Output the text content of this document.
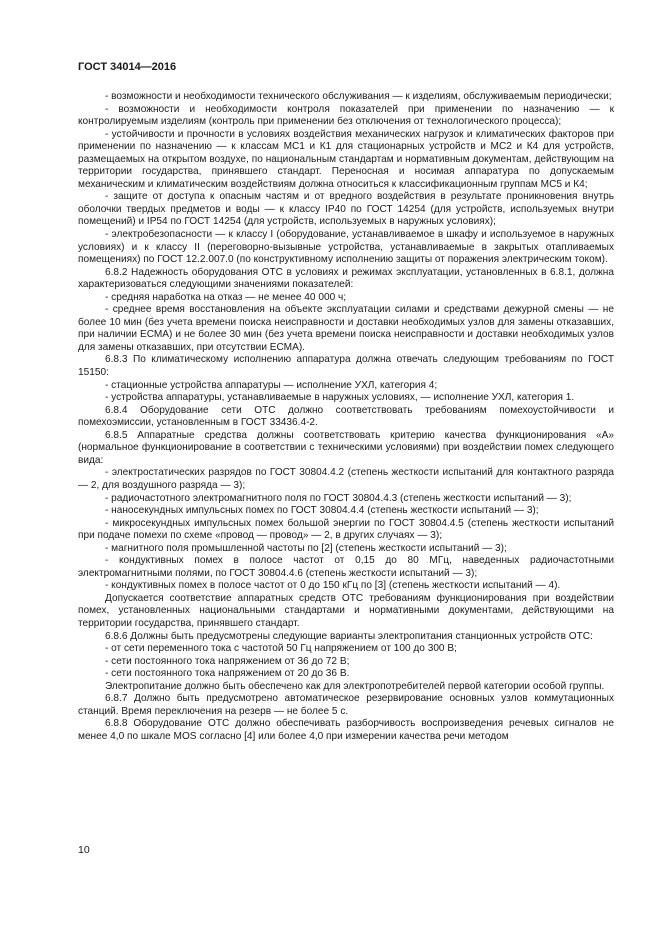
ГОСТ 34014—2016

- возможности и необходимости технического обслуживания — к изделиям, обслуживаемым периодически;

- возможности и необходимости контроля показателей при применении по назначению — к контролируемым изделиям (контроль при применении без отключения от технологического процесса);

- устойчивости и прочности в условиях воздействия механических нагрузок и климатических факторов при применении по назначению — к классам МС1 и К1 для стационарных устройств и МС2 и К4 для устройств, размещаемых на открытом воздухе, по национальным стандартам и нормативным документам, действующим на территории государства, принявшего стандарт. Переносная и носимая аппаратура по допускаемым механическим и климатическим воздействиям должна относиться к классификационным группам МС5 и К4;

- защите от доступа к опасным частям и от вредного воздействия в результате проникновения внутрь оболочки твердых предметов и воды — к классу IP40 по ГОСТ 14254 (для устройств, используемых внутри помещений) и IP54 по ГОСТ 14254 (для устройств, используемых в наружных условиях);

- электробезопасности — к классу I (оборудование, устанавливаемое в шкафу и используемое в наружных условиях) и к классу II (переговорно-вызывные устройства, устанавливаемые в закрытых отапливаемых помещениях) по ГОСТ 12.2.007.0 (по конструктивному исполнению защиты от поражения электрическим током).

6.8.2 Надежность оборудования ОТС в условиях и режимах эксплуатации, установленных в 6.8.1, должна характеризоваться следующими значениями показателей:

- средняя наработка на отказ — не менее 40 000 ч;

- среднее время восстановления на объекте эксплуатации силами и средствами дежурной смены — не более 10 мин (без учета времени поиска неисправности и доставки необходимых узлов для замены отказавших, при наличии ЕСМА) и не более 30 мин (без учета времени поиска неисправности и доставки необходимых узлов для замены отказавших, при отсутствии ЕСМА).

6.8.3 По климатическому исполнению аппаратура должна отвечать следующим требованиям по ГОСТ 15150:

- стационные устройства аппаратуры — исполнение УХЛ, категория 4;

- устройства аппаратуры, устанавливаемые в наружных условиях, — исполнение УХЛ, категория 1.

6.8.4 Оборудование сети ОТС должно соответствовать требованиям помехоустойчивости и помехоэмиссии, установленным в ГОСТ 33436.4-2.

6.8.5 Аппаратные средства должны соответствовать критерию качества функционирования «А» (нормальное функционирование в соответствии с техническими условиями) при воздействии помех следующего вида:

- электростатических разрядов по ГОСТ 30804.4.2 (степень жесткости испытаний для контактного разряда — 2, для воздушного разряда — 3);

- радиочастотного электромагнитного поля по ГОСТ 30804.4.3 (степень жесткости испытаний — 3);

- наносекундных импульсных помех по ГОСТ 30804.4.4 (степень жесткости испытаний — 3);

- микросекундных импульсных помех большой энергии по ГОСТ 30804.4.5 (степень жесткости испытаний при подаче помехи по схеме «провод — провод» — 2, в других случаях — 3);

- магнитного поля промышленной частоты по [2] (степень жесткости испытаний — 3);

- кондуктивных помех в полосе частот от 0,15 до 80 МГц, наведенных радиочастотными электромагнитными полями, по ГОСТ 30804.4.6 (степень жесткости испытаний — 3);

- кондуктивных помех в полосе частот от 0 до 150 кГц по [3] (степень жесткости испытаний — 4).

Допускается соответствие аппаратных средств ОТС требованиям функционирования при воздействии помех, установленных национальными стандартами и нормативными документами, действующими на территории государства, принявшего стандарт.

6.8.6 Должны быть предусмотрены следующие варианты электропитания станционных устройств ОТС:

- от сети переменного тока с частотой 50 Гц напряжением от 100 до 300 В;

- сети постоянного тока напряжением от 36 до 72 В;

- сети постоянного тока напряжением от 20 до 36 В.

Электропитание должно быть обеспечено как для электропотребителей первой категории особой группы.

6.8.7 Должно быть предусмотрено автоматическое резервирование основных узлов коммутационных станций. Время переключения на резерв — не более 5 с.

6.8.8 Оборудование ОТС должно обеспечивать разборчивость воспроизведения речевых сигналов не менее 4,0 по шкале MOS согласно [4] или более 4,0 при измерении качества речи методом

10
